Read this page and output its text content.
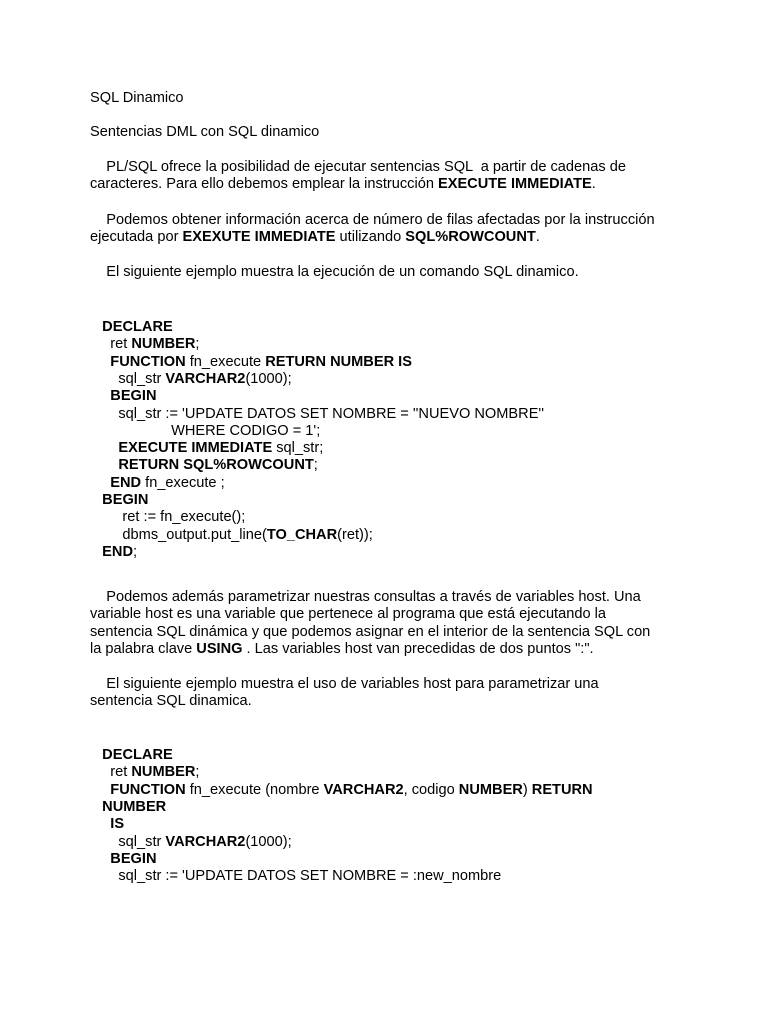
SQL Dinamico
Sentencias DML con SQL dinamico
PL/SQL ofrece la posibilidad de ejecutar sentencias SQL  a partir de cadenas de
caracteres. Para ello debemos emplear la instrucción EXECUTE IMMEDIATE.
Podemos obtener información acerca de número de filas afectadas por la instrucción
ejecutada por EXEXUTE IMMEDIATE utilizando SQL%ROWCOUNT.
El siguiente ejemplo muestra la ejecución de un comando SQL dinamico.
DECLARE
ret NUMBER;
FUNCTION fn_execute RETURN NUMBER IS
sql_str VARCHAR2(1000);
BEGIN
sql_str := 'UPDATE DATOS SET NOMBRE = ''NUEVO NOMBRE''
WHERE CODIGO = 1';
EXECUTE IMMEDIATE sql_str;
RETURN SQL%ROWCOUNT;
END fn_execute ;
BEGIN
ret := fn_execute();
dbms_output.put_line(TO_CHAR(ret));
END;
Podemos además parametrizar nuestras consultas a través de variables host. Una
variable host es una variable que pertenece al programa que está ejecutando la
sentencia SQL dinámica y que podemos asignar en el interior de la sentencia SQL con
la palabra clave USING . Las variables host van precedidas de dos puntos ":".
El siguiente ejemplo muestra el uso de variables host para parametrizar una
sentencia SQL dinamica.
DECLARE
ret NUMBER;
FUNCTION fn_execute (nombre VARCHAR2, codigo NUMBER) RETURN
NUMBER
IS
sql_str VARCHAR2(1000);
BEGIN
sql_str := 'UPDATE DATOS SET NOMBRE = :new_nombre
